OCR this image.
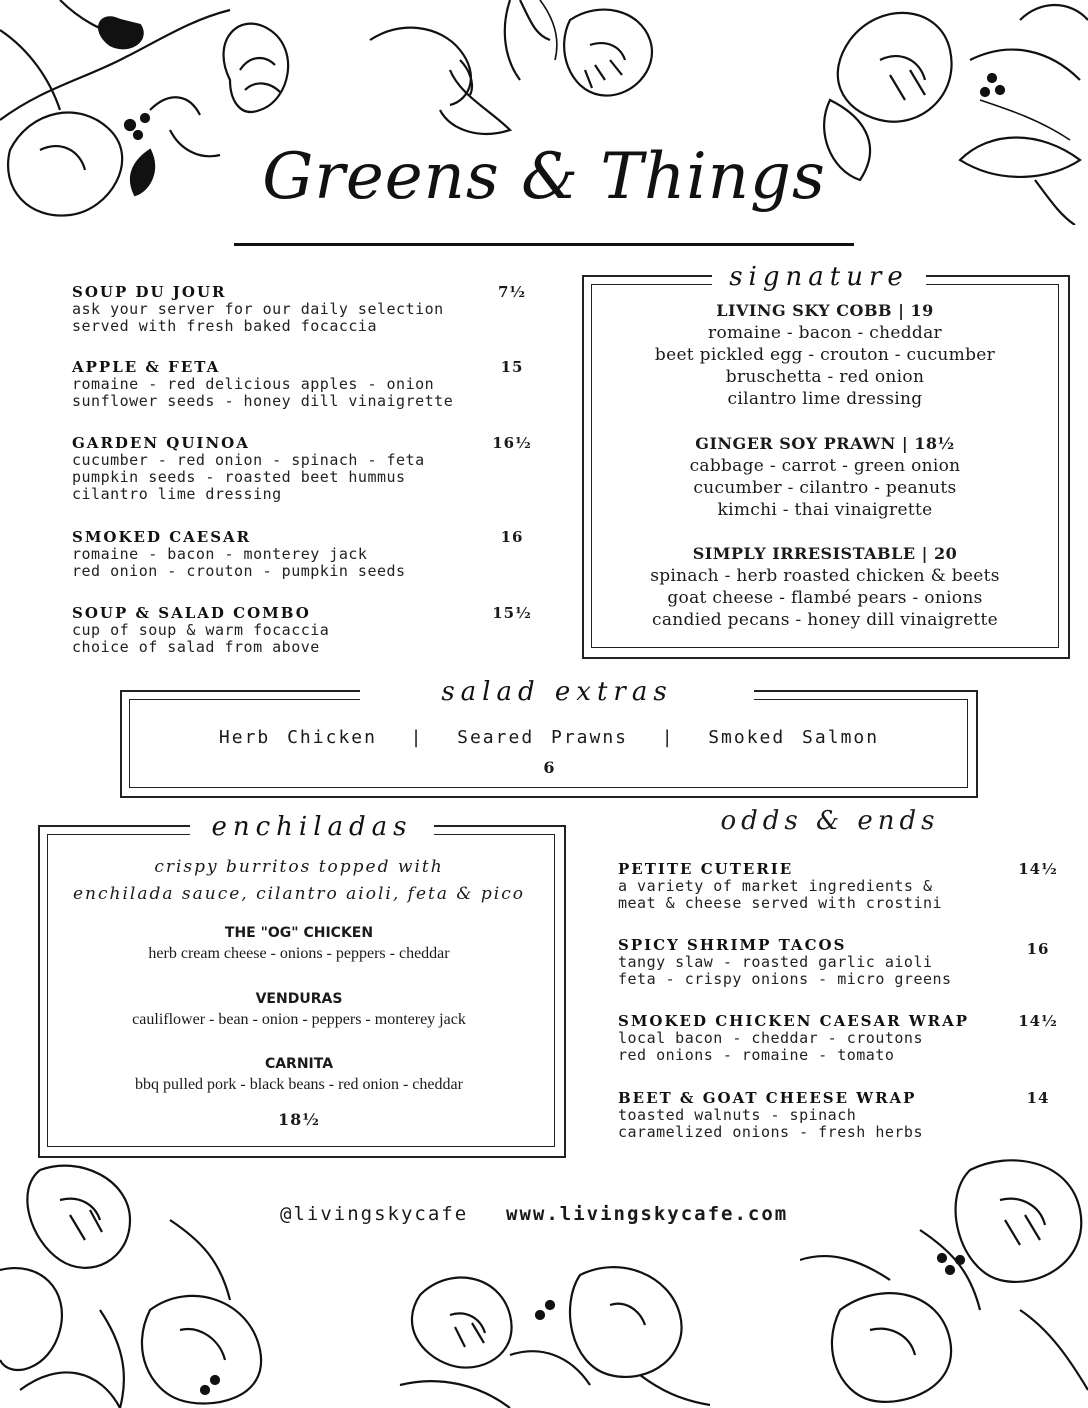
Greens & Things
SOUP DU JOUR	7½
ask your server for our daily selection
served with fresh baked focaccia
APPLE & FETA	15
romaine - red delicious apples - onion
sunflower seeds - honey dill vinaigrette
GARDEN QUINOA	16½
cucumber - red onion - spinach - feta
pumpkin seeds - roasted beet hummus
cilantro lime dressing
SMOKED CAESAR	16
romaine - bacon - monterey jack
red onion - crouton - pumpkin seeds
SOUP & SALAD COMBO	15½
cup of soup & warm focaccia
choice of salad from above
signature
LIVING SKY COBB | 19
romaine - bacon - cheddar
beet pickled egg - crouton - cucumber
bruschetta - red onion
cilantro lime dressing
GINGER SOY PRAWN | 18½
cabbage - carrot - green onion
cucumber - cilantro - peanuts
kimchi - thai vinaigrette
SIMPLY IRRESISTABLE | 20
spinach - herb roasted chicken & beets
goat cheese - flambé pears - onions
candied pecans - honey dill vinaigrette
salad extras
Herb Chicken  |  Seared Prawns  |  Smoked Salmon
6
enchiladas
crispy burritos topped with
enchilada sauce, cilantro aioli, feta & pico
THE "OG" CHICKEN
herb cream cheese - onions - peppers - cheddar
VENDURAS
cauliflower - bean - onion - peppers - monterey jack
CARNITA
bbq pulled pork - black beans - red onion - cheddar
18½
odds & ends
PETITE CUTERIE	14½
a variety of market ingredients &
meat & cheese served with crostini
SPICY SHRIMP TACOS	16
tangy slaw - roasted garlic aioli
feta - crispy onions - micro greens
SMOKED CHICKEN CAESAR WRAP	14½
local bacon - cheddar - croutons
red onions - romaine - tomato
BEET & GOAT CHEESE WRAP	14
toasted walnuts - spinach
caramelized onions - fresh herbs
@livingskycafe www.livingskycafe.com
